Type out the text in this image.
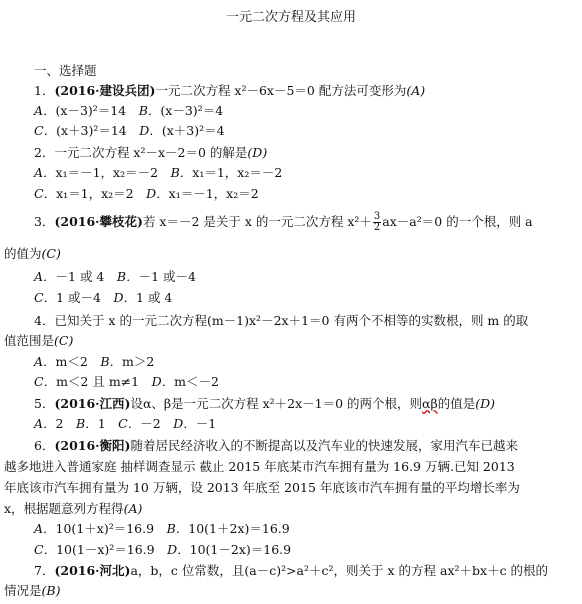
一元二次方程及其应用
一、选择题
1．(2016·建设兵团)一元二次方程 x²－6x－5＝0 配方法可变形为(A)
A．(x－3)²＝14　 B．(x－3)²＝4
C．(x＋3)²＝14　 D．(x＋3)²＝4
2．一元二次方程 x²－x－2＝0 的解是(D)
A．x₁＝－1，x₂＝－2　 B．x₁＝1，x₂＝－2
C．x₁＝1，x₂＝2　 D．x₁＝－1，x₂＝2
3．(2016·攀枝花)若 x＝－2 是关于 x 的一元二次方程 $x^2+ \frac{3}{2} ax-a^2=0$ 的一个根，则 a
的值为(C)
A．－1 或 4　 B．－1 或－4
C．1 或－4　 D．1 或 4
4．已知关于 x 的一元二次方程(m－1)x²－2x＋1＝0 有两个不相等的实数根，则 m 的取
值范围是(C)
A．m＜2　 B．m＞2
C．m＜2 且 m≠1　 D．m＜－2
5．(2016·江西)设α、β是一元二次方程 x²＋2x－1＝0 的两个根，则αβ的值是(D)
A．2　 B．1　 C．－2　 D．－1
6．(2016·衡阳)随着居民经济收入的不断提高以及汽车业的快速发展，家用汽车已越来
越多地进入普通家庭 抽样调查显示 截止 2015 年底某市汽车拥有量为 16.9 万辆.已知 2013
年底该市汽车拥有量为 10 万辆，设 2013 年底至 2015 年底该市汽车拥有量的平均增长率为
x，根据题意列方程得(A)
A．10(1＋x)²＝16.9　 B．10(1＋2x)＝16.9
C．10(1－x)²＝16.9　 D．10(1－2x)＝16.9
7．(2016·河北)a，b，c 位常数，且(a－c)²>a²＋c²，则关于 x 的方程 ax²＋bx＋c 的根的
情况是(B)
